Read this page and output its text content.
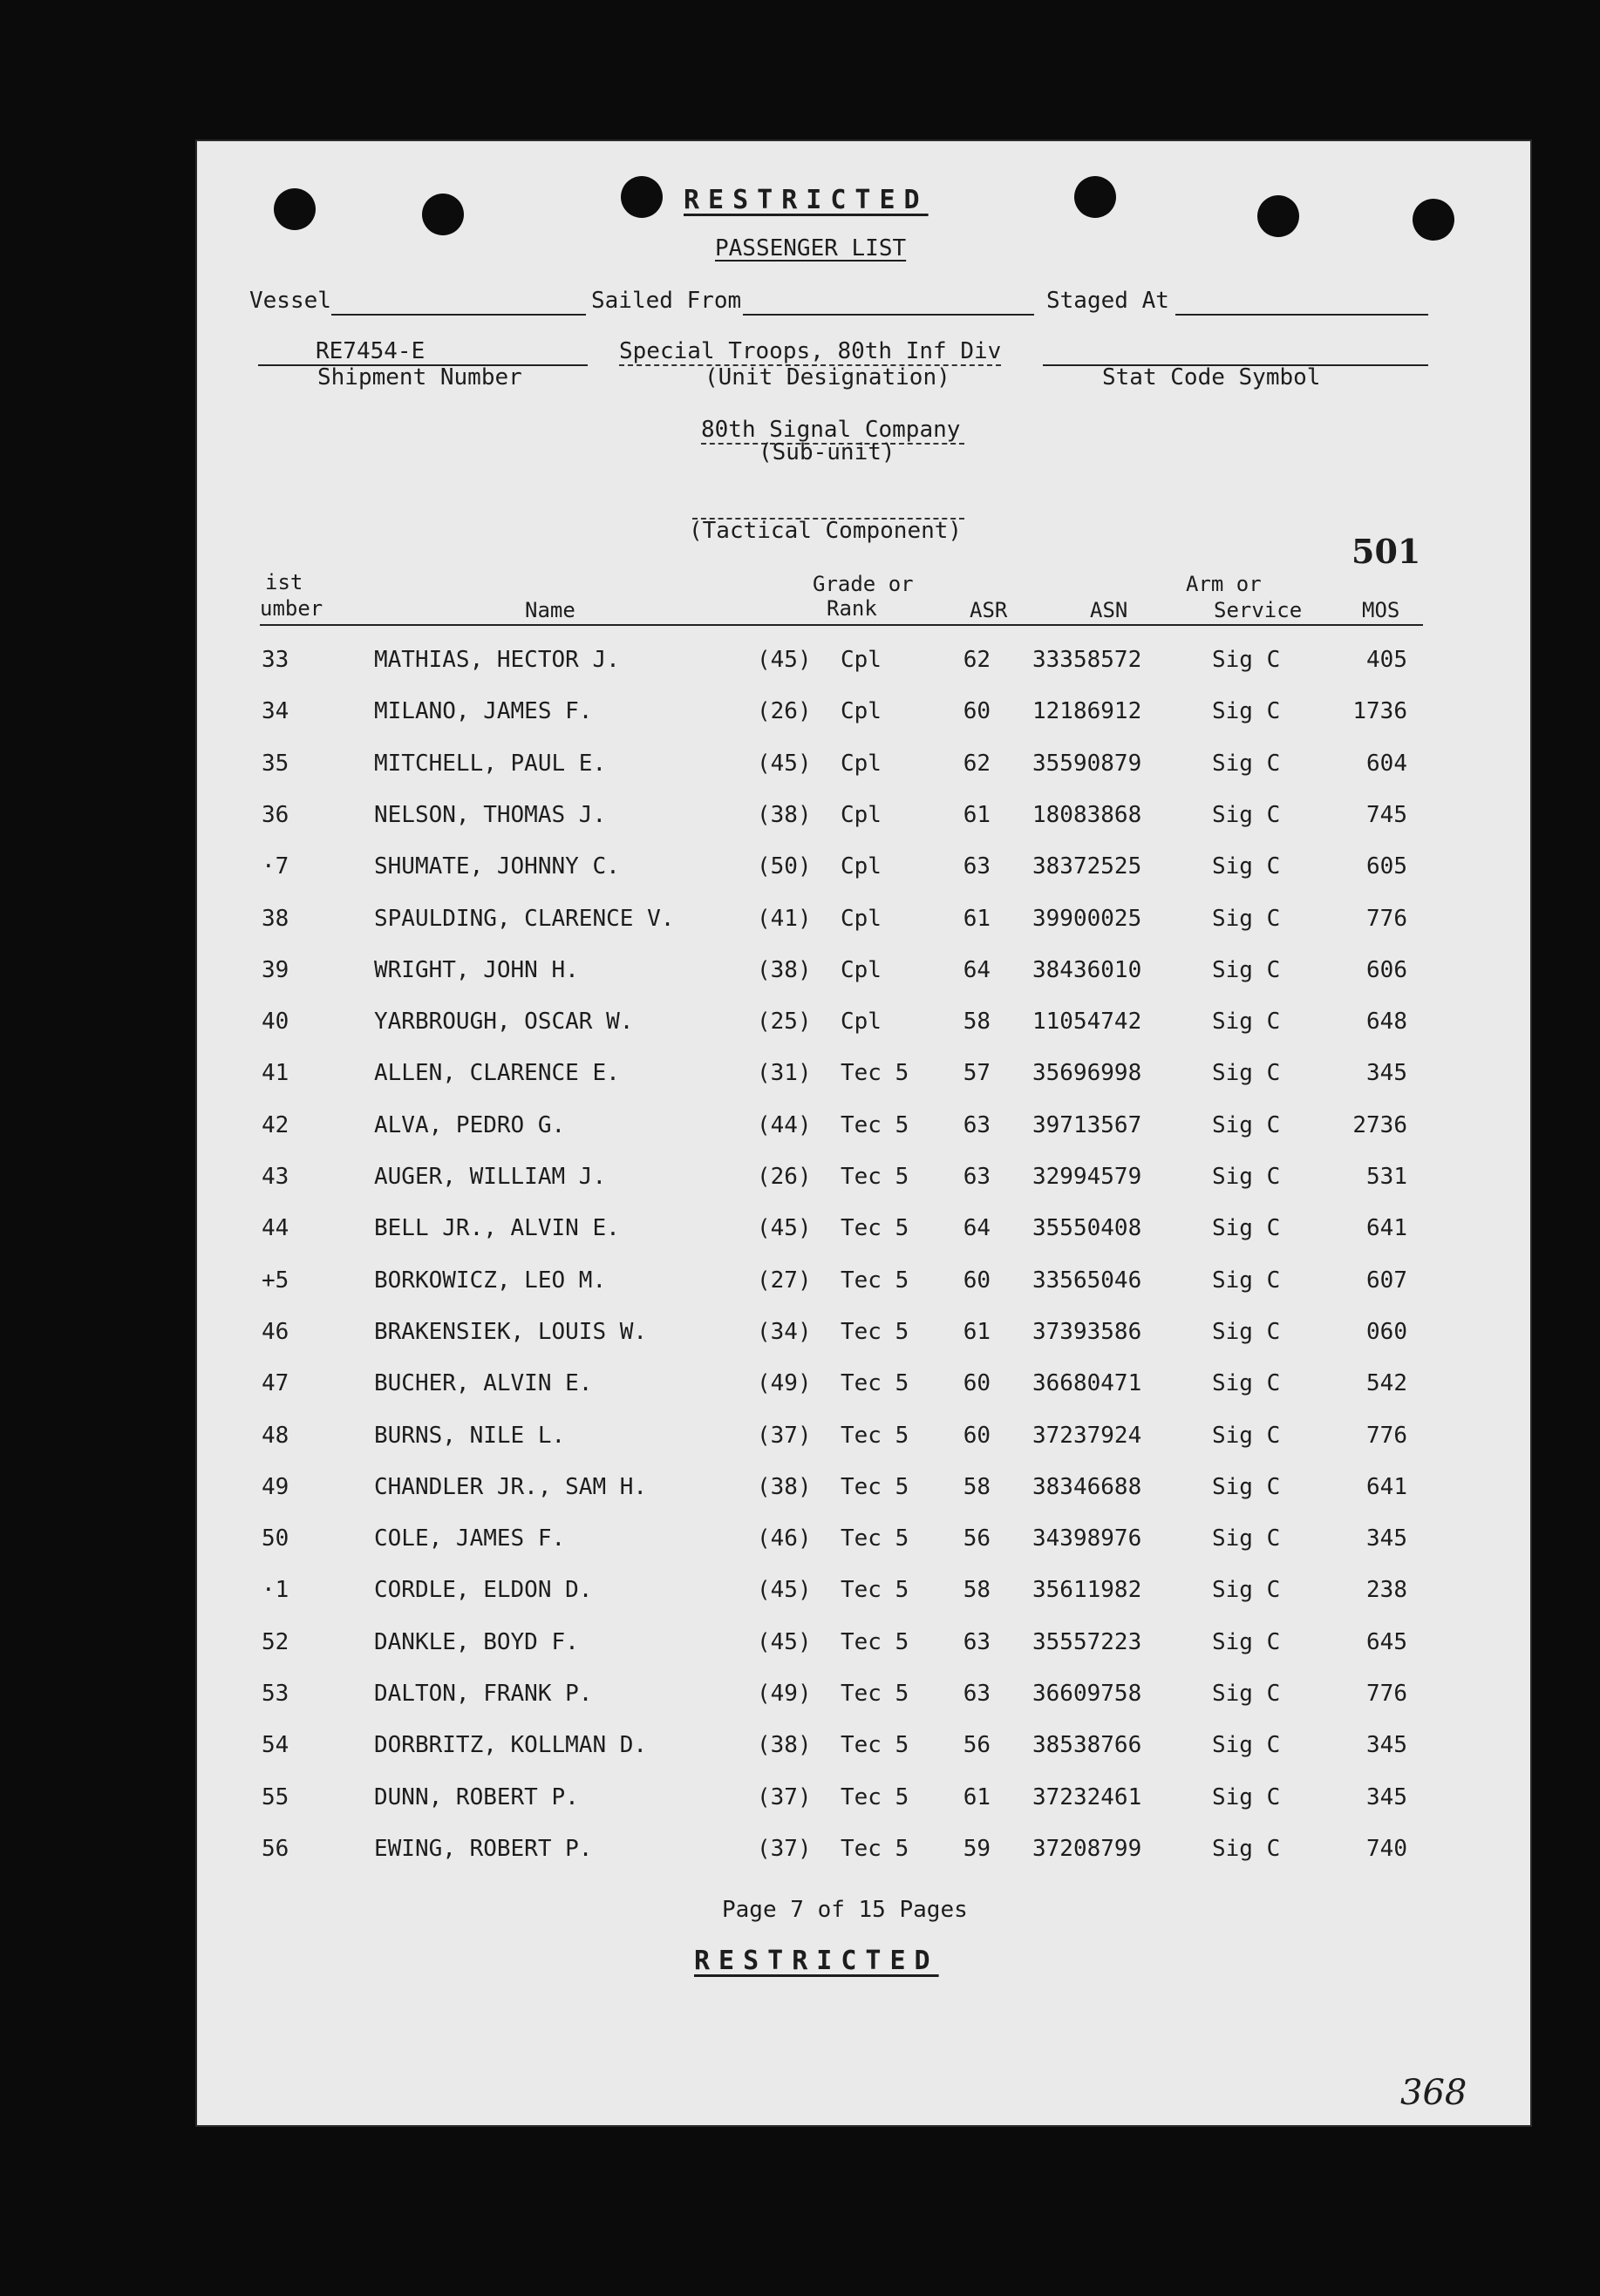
RESTRICTED
PASSENGER LIST
Vessel	Sailed From	Staged At
RE7454-E
Shipment Number
Special Troops, 80th Inf Div
(Unit Designation)	Stat Code Symbol
80th Signal Company
(Sub-unit)
(Tactical Component)
501
ist
umber	Name
Grade or
Rank	ASR	ASN
Arm or
Service	MOS
33	MATHIAS, HECTOR J.	(45) Cpl	62 33358572	Sig C	405
34	MILANO, JAMES F.	(26) Cpl	60 12186912	Sig C	1736
35	MITCHELL, PAUL E.	(45) Cpl	62 35590879	Sig C	604
36	NELSON, THOMAS J.	(38) Cpl	61 18083868	Sig C	745
·7	SHUMATE, JOHNNY C.	(50) Cpl	63 38372525	Sig C	605
38	SPAULDING, CLARENCE V.	(41) Cpl	61 39900025	Sig C	776
39	WRIGHT, JOHN H.	(38) Cpl	64 38436010	Sig C	606
40	YARBROUGH, OSCAR W.	(25) Cpl	58 11054742	Sig C	648
41	ALLEN, CLARENCE E.	(31) Tec 5	57 35696998	Sig C	345
42	ALVA, PEDRO G.	(44) Tec 5	63 39713567	Sig C	2736
43	AUGER, WILLIAM J.	(26) Tec 5	63 32994579	Sig C	531
44	BELL JR., ALVIN E.	(45) Tec 5	64 35550408	Sig C	641
+5	BORKOWICZ, LEO M.	(27) Tec 5	60 33565046	Sig C	607
46	BRAKENSIEK, LOUIS W.	(34) Tec 5	61 37393586	Sig C	060
47	BUCHER, ALVIN E.	(49) Tec 5	60 36680471	Sig C	542
48	BURNS, NILE L.	(37) Tec 5	60 37237924	Sig C	776
49	CHANDLER JR., SAM H.	(38) Tec 5	58 38346688	Sig C	641
50	COLE, JAMES F.	(46) Tec 5	56 34398976	Sig C	345
·1	CORDLE, ELDON D.	(45) Tec 5	58 35611982	Sig C	238
52	DANKLE, BOYD F.	(45) Tec 5	63 35557223	Sig C	645
53	DALTON, FRANK P.	(49) Tec 5	63 36609758	Sig C	776
54	DORBRITZ, KOLLMAN D.	(38) Tec 5	56 38538766	Sig C	345
55	DUNN, ROBERT P.	(37) Tec 5	61 37232461	Sig C	345
56	EWING, ROBERT P.	(37) Tec 5	59 37208799	Sig C	740
Page 7 of 15 Pages
RESTRICTED
368
